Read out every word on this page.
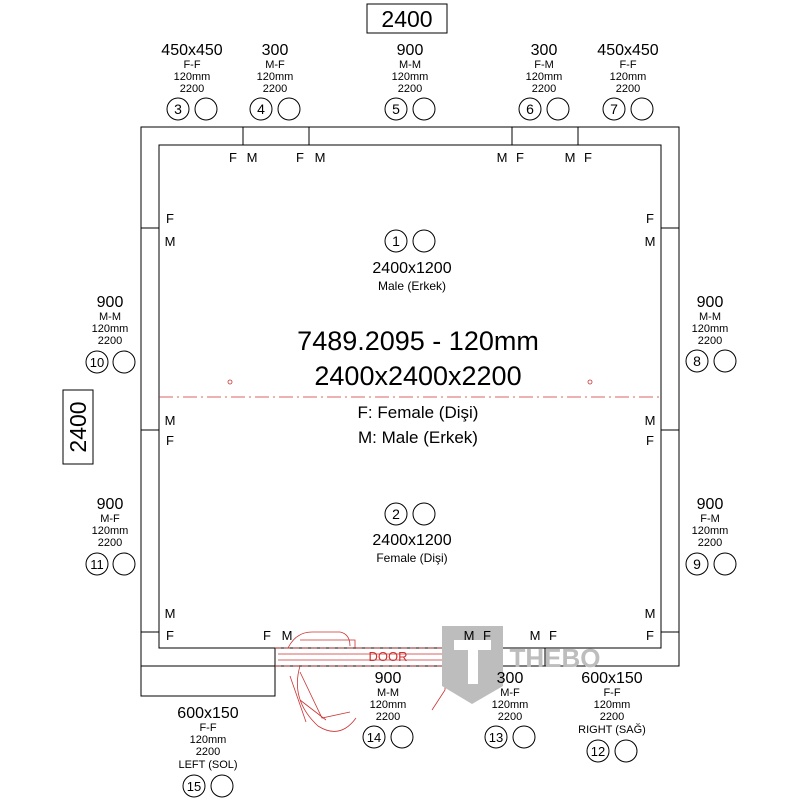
2400
2400
7489.2095 - 120mm
2400x2400x2200
F: Female (Dişi)
M: Male (Erkek)
DOOR	THEBO
1
2400x1200
Male (Erkek)
2
2400x1200
Female (Dişi)
450x450
F-F
120mm
2200
3
300
M-F
120mm
2200
4
900
M-M
120mm
2200
5
300
F-M
120mm
2200
6
450x450
F-F
120mm
2200
7
900
M-M
120mm
2200
8
900
F-M
120mm
2200
9
900
M-M
120mm
2200
10
900
M-F
120mm
2200
11
600x150
F-F
120mm
2200
RIGHT (SAĞ)
12
300
M-F
120mm
2200
13
900
M-M
120mm
2200
14
600x150
F-F
120mm
2200
LEFT (SOL)
15
F M	F M	M F	M F
F
M
M
F
M
F
F
M
M
F
M
F
F M	M F	M F
